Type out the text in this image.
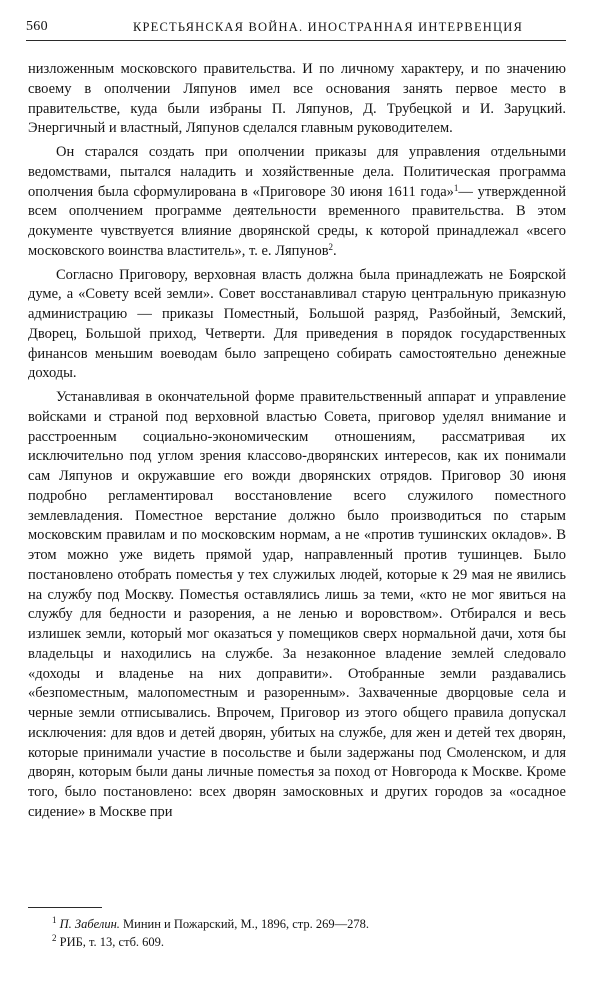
560	КРЕСТЬЯНСКАЯ ВОЙНА. ИНОСТРАННАЯ ИНТЕРВЕНЦИЯ

низложенным московского правительства. И по личному характеру, и по значению своему в ополчении Ляпунов имел все основания занять первое место в правительстве, куда были избраны П. Ляпунов, Д. Трубецкой и И. Заруцкий. Энергичный и властный, Ляпунов сделался главным руководителем.

Он старался создать при ополчении приказы для управления отдельными ведомствами, пытался наладить и хозяйственные дела. Политическая программа ополчения была сформулирована в «Приговоре 30 июня 1611 года»$^1$— утвержденной всем ополчением программе деятельности временного правительства. В этом документе чувствуется влияние дворянской среды, к которой принадлежал «всего московского воинства властитель», т. е. Ляпунов$^2$.

Согласно Приговору, верховная власть должна была принадлежать не Боярской думе, а «Совету всей земли». Совет восстанавливал старую центральную приказную администрацию — приказы Поместный, Большой разряд, Разбойный, Земский, Дворец, Большой приход, Четверти. Для приведения в порядок государственных финансов меньшим воеводам было запрещено собирать самостоятельно денежные доходы.

Устанавливая в окончательной форме правительственный аппарат и управление войсками и страной под верховной властью Совета, приговор уделял внимание и расстроенным социально-экономическим отношениям, рассматривая их исключительно под углом зрения классово-дворянских интересов, как их понимали сам Ляпунов и окружавшие его вожди дворянских отрядов. Приговор 30 июня подробно регламентировал восстановление всего служилого поместного землевладения. Поместное верстание должно было производиться по старым московским правилам и по московским нормам, а не «против тушинских окладов». В этом можно уже видеть прямой удар, направленный против тушинцев. Было постановлено отобрать поместья у тех служилых людей, которые к 29 мая не явились на службу под Москву. Поместья оставлялись лишь за теми, «кто не мог явиться на службу для бедности и разорения, а не ленью и воровством». Отбирался и весь излишек земли, который мог оказаться у помещиков сверх нормальной дачи, хотя бы владельцы и находились на службе. За незаконное владение землей следовало «доходы и владенье на них доправити». Отобранные земли раздавались «безпоместным, малопоместным и разоренным». Захваченные дворцовые села и черные земли отписывались. Впрочем, Приговор из этого общего правила допускал исключения: для вдов и детей дворян, убитых на службе, для жен и детей тех дворян, которые принимали участие в посольстве и были задержаны под Смоленском, и для дворян, которым были даны личные поместья за поход от Новгорода к Москве. Кроме того, было постановлено: всех дворян замосковных и других городов за «осадное сидение» в Москве при

$^1$ П. Забелин. Минин и Пожарский, М., 1896, стр. 269—278.

$^2$ РИБ, т. 13, стб. 609.
